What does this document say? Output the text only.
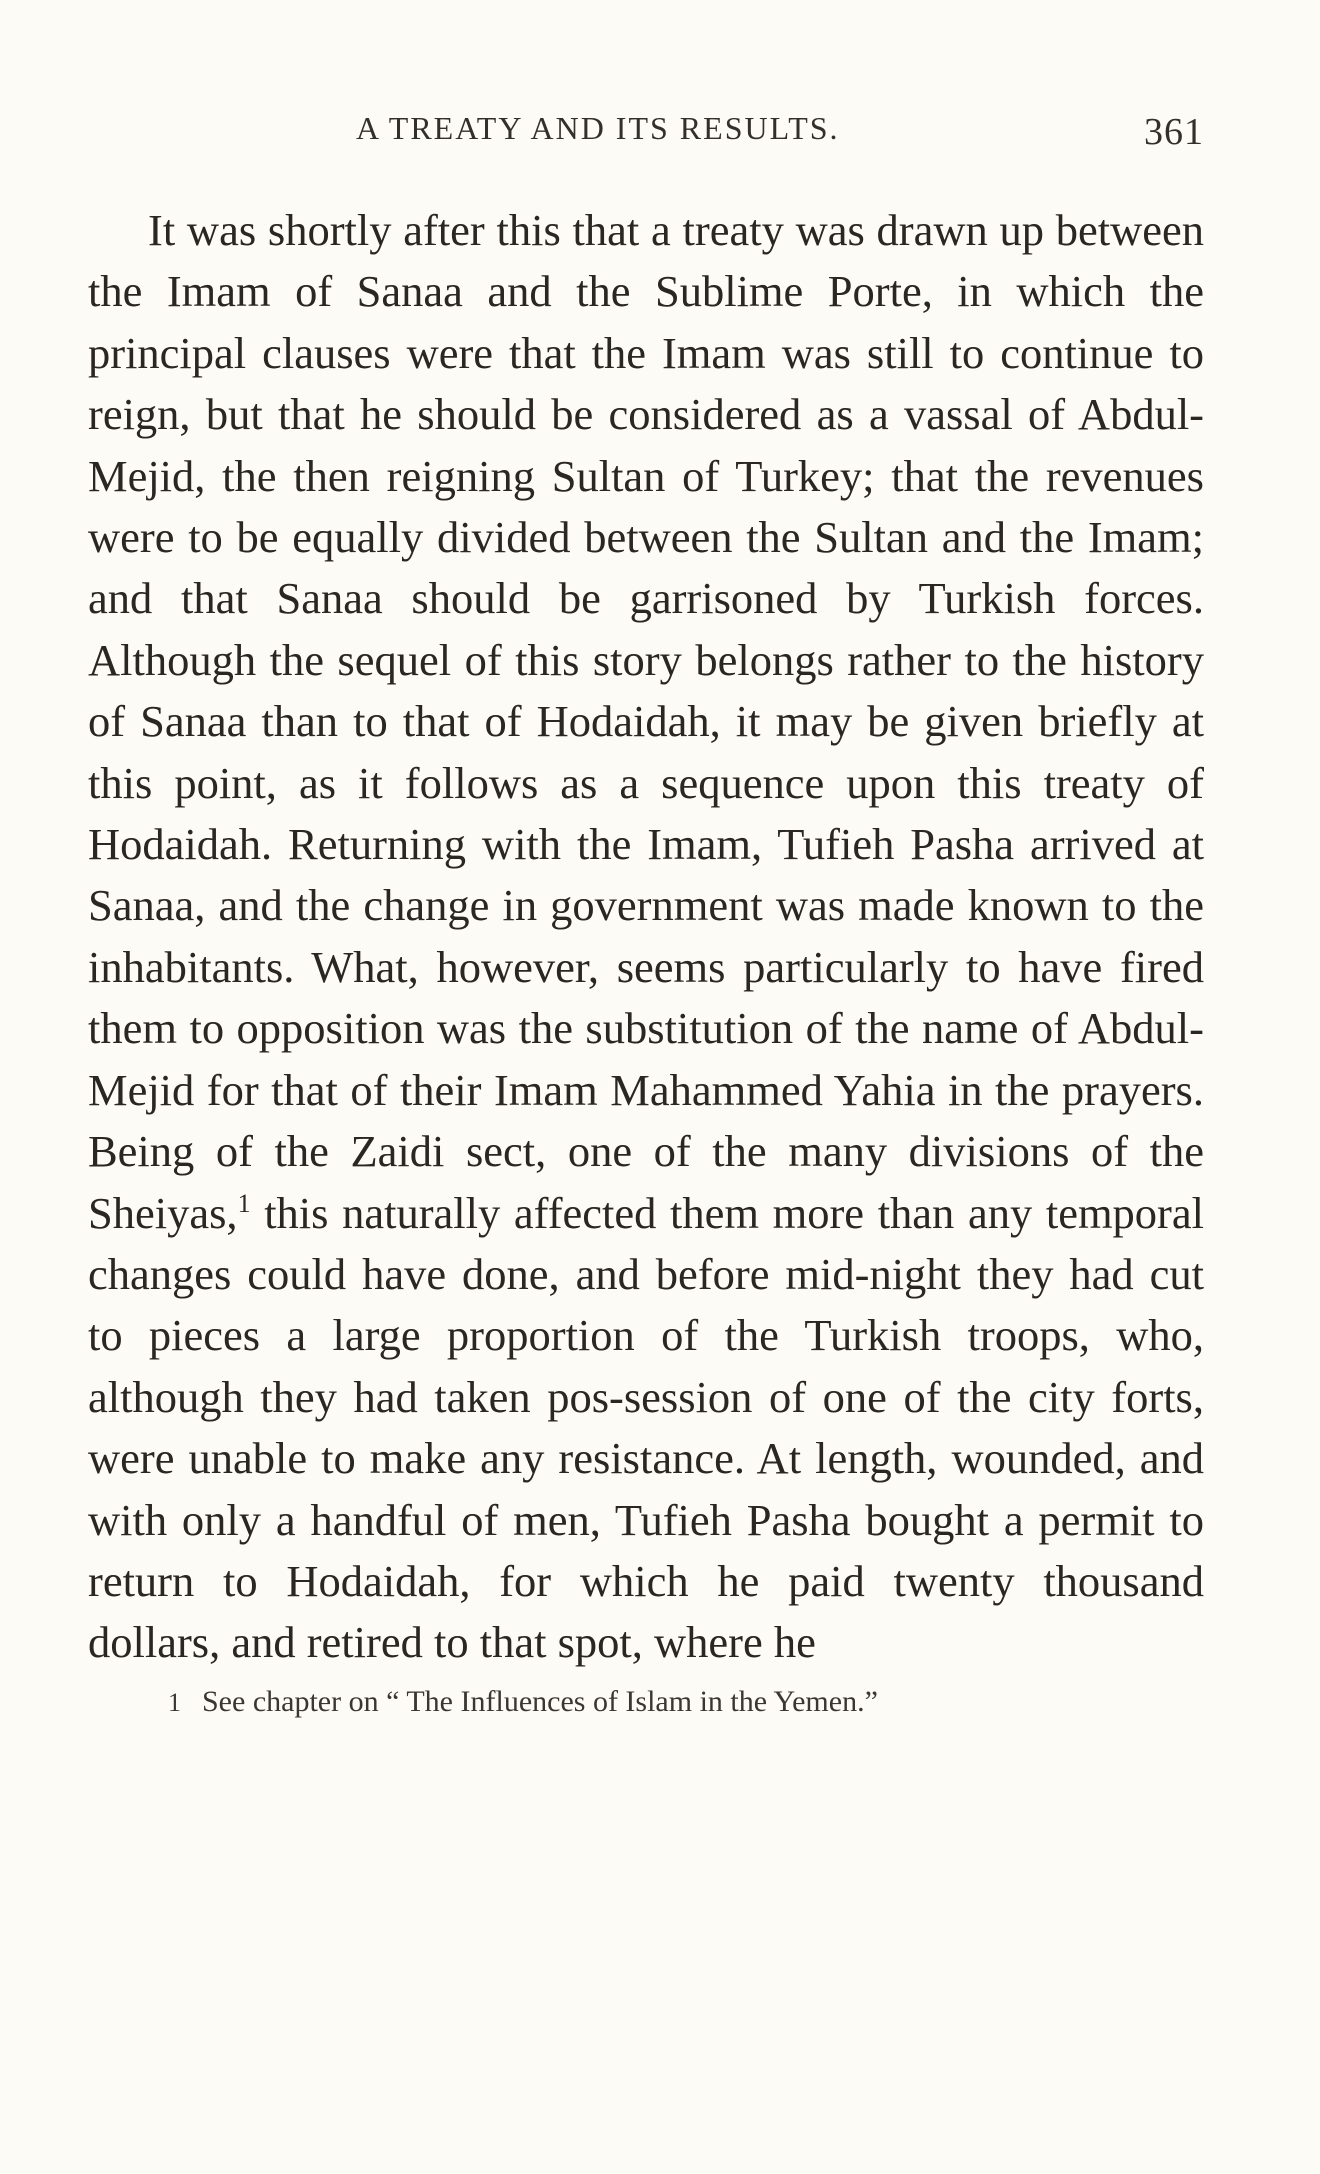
A TREATY AND ITS RESULTS.	361

It was shortly after this that a treaty was drawn up between the Imam of Sanaa and the Sublime Porte, in which the principal clauses were that the Imam was still to continue to reign, but that he should be considered as a vassal of Abdul-Mejid, the then reigning Sultan of Turkey; that the revenues were to be equally divided between the Sultan and the Imam; and that Sanaa should be garrisoned by Turkish forces. Although the sequel of this story belongs rather to the history of Sanaa than to that of Hodaidah, it may be given briefly at this point, as it follows as a sequence upon this treaty of Hodaidah. Returning with the Imam, Tufieh Pasha arrived at Sanaa, and the change in government was made known to the inhabitants. What, however, seems particularly to have fired them to opposition was the substitution of the name of Abdul-Mejid for that of their Imam Mahammed Yahia in the prayers. Being of the Zaidi sect, one of the many divisions of the Sheiyas,$^1$ this naturally affected them more than any temporal changes could have done, and before mid-night they had cut to pieces a large proportion of the Turkish troops, who, although they had taken pos-session of one of the city forts, were unable to make any resistance. At length, wounded, and with only a handful of men, Tufieh Pasha bought a permit to return to Hodaidah, for which he paid twenty thousand dollars, and retired to that spot, where he

1 See chapter on “ The Influences of Islam in the Yemen.”
